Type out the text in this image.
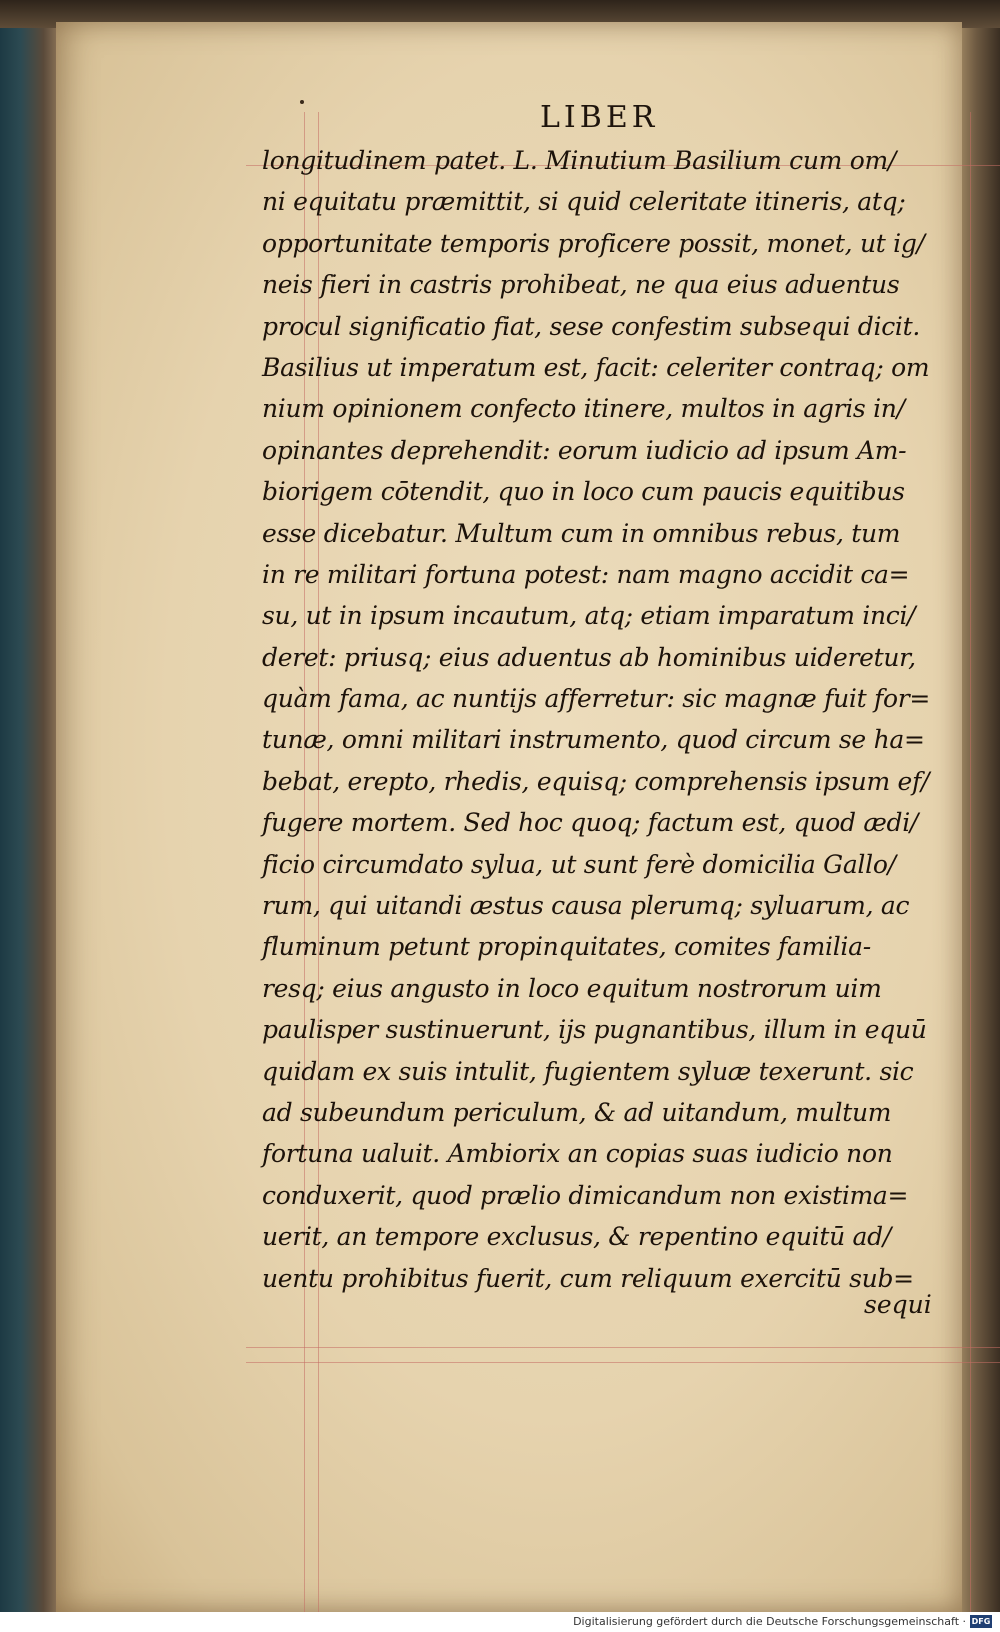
LIBER
longitudinem patet. L. Minutium Basilium cum om/
ni equitatu præmittit, si quid celeritate itineris, atq;
opportunitate temporis proficere possit, monet, ut ig/
neis fieri in castris prohibeat, ne qua eius aduentus
procul significatio fiat, sese confestim subsequi dicit.
Basilius ut imperatum est, facit: celeriter contraq; om
nium opinionem confecto itinere, multos in agris in/
opinantes deprehendit: eorum iudicio ad ipsum Am-
biorigem cōtendit, quo in loco cum paucis equitibus
esse dicebatur. Multum cum in omnibus rebus, tum
in re militari fortuna potest: nam magno accidit ca=
su, ut in ipsum incautum, atq; etiam imparatum inci/
deret: priusq; eius aduentus ab hominibus uideretur,
quàm fama, ac nuntijs afferretur: sic magnæ fuit for=
tunæ, omni militari instrumento, quod circum se ha=
bebat, erepto, rhedis, equisq; comprehensis ipsum ef/
fugere mortem. Sed hoc quoq; factum est, quod ædi/
ficio circumdato sylua, ut sunt ferè domicilia Gallo/
rum, qui uitandi æstus causa plerumq; syluarum, ac
fluminum petunt propinquitates, comites familia-
resq; eius angusto in loco equitum nostrorum uim
paulisper sustinuerunt, ijs pugnantibus, illum in equū
quidam ex suis intulit, fugientem syluæ texerunt. sic
ad subeundum periculum, & ad uitandum, multum
fortuna ualuit. Ambiorix an copias suas iudicio non
conduxerit, quod prælio dimicandum non existima=
uerit, an tempore exclusus, & repentino equitū ad/
uentu prohibitus fuerit, cum reliquum exercitū sub=
sequi
Digitalisierung gefördert durch die Deutsche Forschungsgemeinschaft · DFG
